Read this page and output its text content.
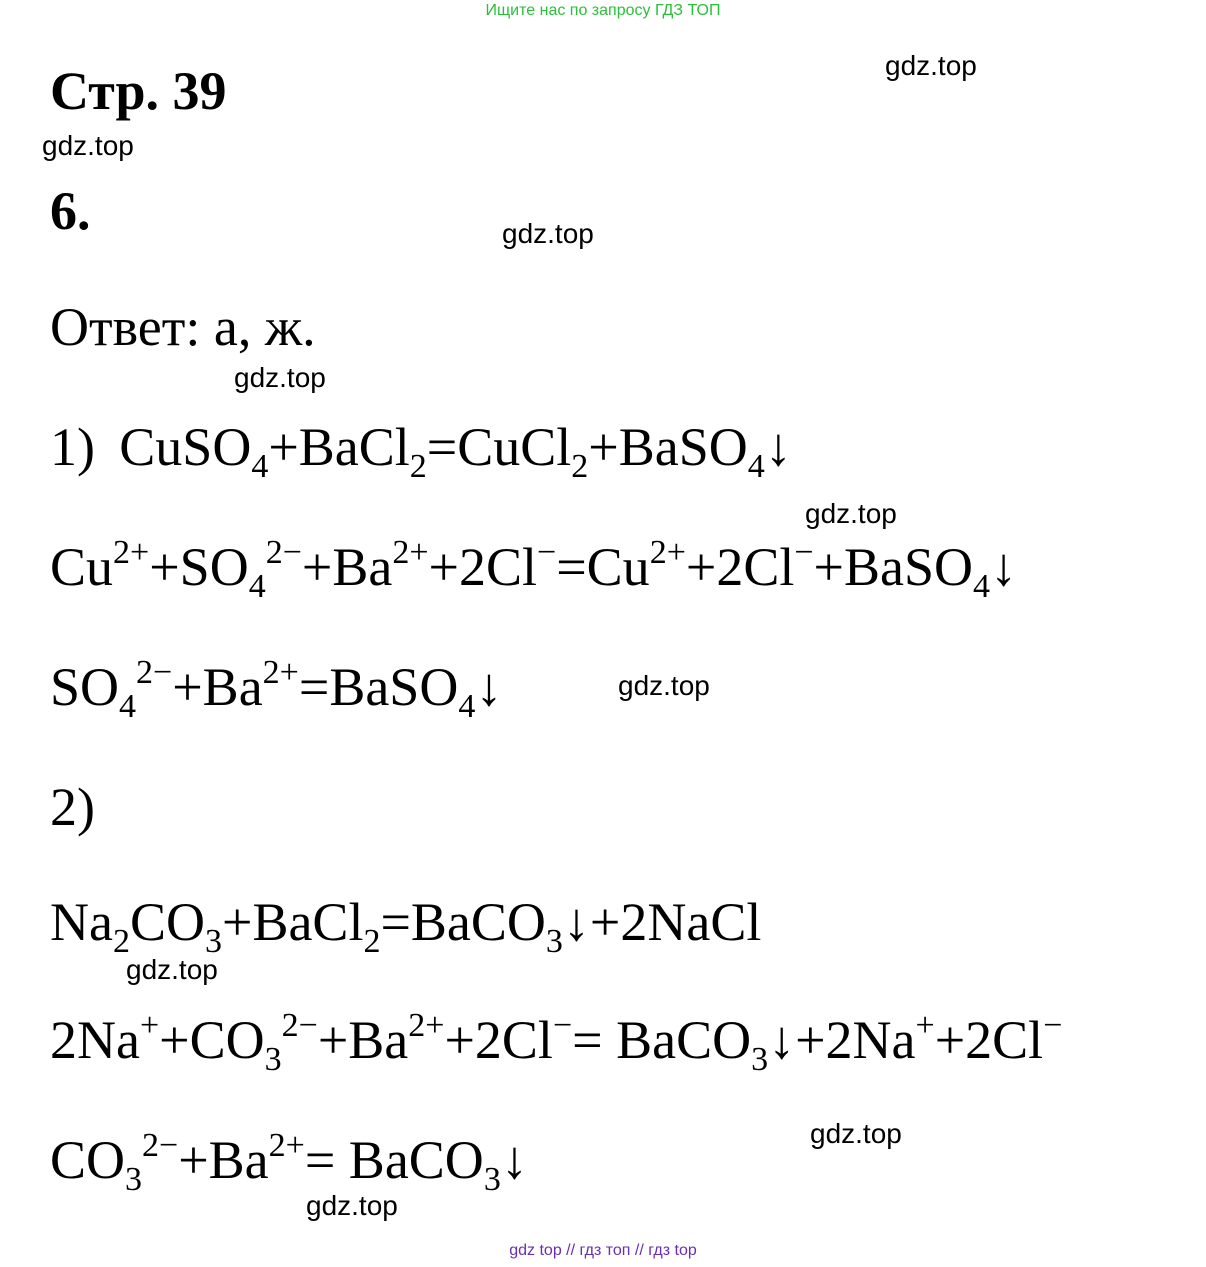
Ищите нас по запросу ГДЗ ТОП
Стр. 39
6.
Ответ: а, ж.
1) CuSO$_4$+BaCl$_2$=CuCl$_2$+BaSO$_4$↓
$Cu^{2+}+SO_4^{2-}+Ba^{2+}+2Cl^-=Cu^{2+}+2Cl^-+BaSO_4↓$
$SO_4^{2-}+Ba^{2+}=BaSO_4↓$
2)
$Na_2CO_3+BaCl_2=BaCO_3↓+2NaCl$
$2Na^++CO_3^{2-}+Ba^{2+}+2Cl^-=$ BaCO$_3$↓+2Na++2Cl−
$CO_3^{2-}+Ba^{2+}=$ BaCO$_3$↓
gdz.top
gdz.top
gdz.top
gdz.top
gdz.top
gdz.top
gdz.top
gdz.top
gdz.top
gdz top // гдз топ // гдз top
